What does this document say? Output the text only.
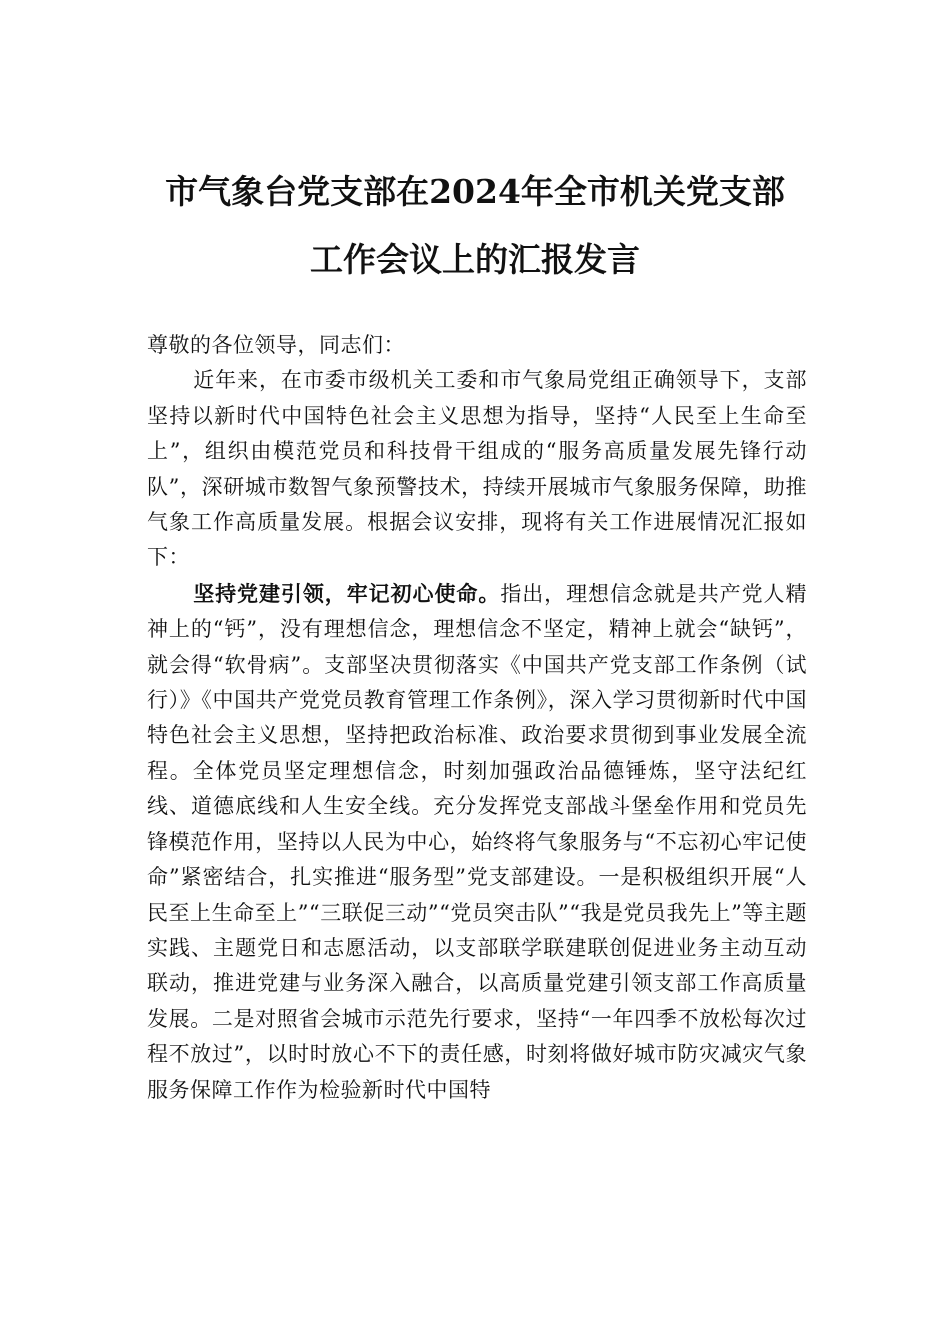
市气象台党支部在2024年全市机关党支部
工作会议上的汇报发言

尊敬的各位领导，同志们：

近年来，在市委市级机关工委和市气象局党组正确领导下，支部坚持以新时代中国特色社会主义思想为指导，坚持“人民至上生命至上”，组织由模范党员和科技骨干组成的“服务高质量发展先锋行动队”，深研城市数智气象预警技术，持续开展城市气象服务保障，助推气象工作高质量发展。根据会议安排，现将有关工作进展情况汇报如下：

坚持党建引领，牢记初心使命。指出，理想信念就是共产党人精神上的“钙”，没有理想信念，理想信念不坚定，精神上就会“缺钙”，就会得“软骨病”。支部坚决贯彻落实《中国共产党支部工作条例（试行）》《中国共产党党员教育管理工作条例》，深入学习贯彻新时代中国特色社会主义思想，坚持把政治标准、政治要求贯彻到事业发展全流程。全体党员坚定理想信念，时刻加强政治品德锤炼，坚守法纪红线、道德底线和人生安全线。充分发挥党支部战斗堡垒作用和党员先锋模范作用，坚持以人民为中心，始终将气象服务与“不忘初心牢记使命”紧密结合，扎实推进“服务型”党支部建设。一是积极组织开展“人民至上生命至上”“三联促三动”“党员突击队”“我是党员我先上”等主题实践、主题党日和志愿活动，以支部联学联建联创促进业务主动互动联动，推进党建与业务深入融合，以高质量党建引领支部工作高质量发展。二是对照省会城市示范先行要求，坚持“一年四季不放松每次过程不放过”，以时时放心不下的责任感，时刻将做好城市防灾减灾气象服务保障工作作为检验新时代中国特
